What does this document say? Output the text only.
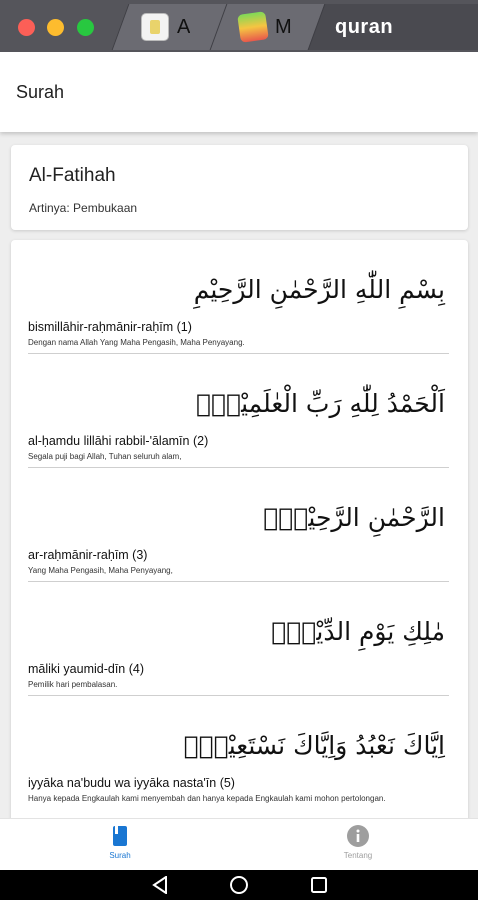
A	M quran
Surah
Al-Fatihah
Artinya: Pembukaan
بِسْمِ اللّٰهِ الرَّحْمٰنِ الرَّحِيْمِ
bismillāhir-raḥmānir-raḥīm (1)
Dengan nama Allah Yang Maha Pengasih, Maha Penyayang.
اَلْحَمْدُ لِلّٰهِ رَبِّ الْعٰلَمِيْنَۙ
al-ḥamdu lillāhi rabbil-'ālamīn (2)
Segala puji bagi Allah, Tuhan seluruh alam,
الرَّحْمٰنِ الرَّحِيْمِۙ
ar-raḥmānir-raḥīm (3)
Yang Maha Pengasih, Maha Penyayang,
مٰلِكِ يَوْمِ الدِّيْنِۗ
māliki yaumid-dīn (4)
Pemilik hari pembalasan.
اِيَّاكَ نَعْبُدُ وَاِيَّاكَ نَسْتَعِيْنُۗ
iyyāka na'budu wa iyyāka nasta'īn (5)
Hanya kepada Engkaulah kami menyembah dan hanya kepada Engkaulah kami mohon pertolongan.
Surah	Tentang
